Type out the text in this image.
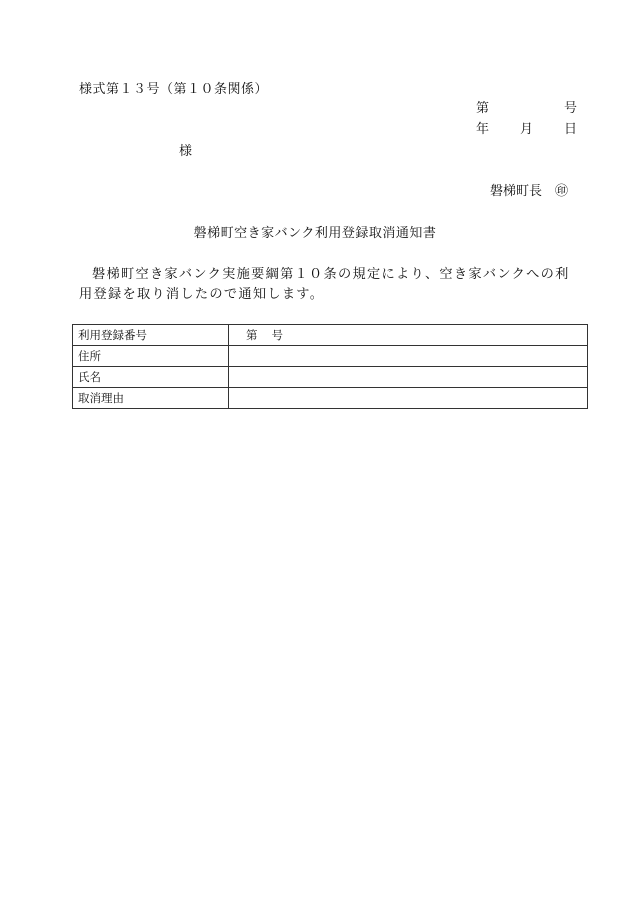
様式第１３号（第１０条関係）
第	号
年 月 日
様
磐梯町長 ㊞
磐梯町空き家バンク利用登録取消通知書
磐梯町空き家バンク実施要綱第１０条の規定により、空き家バンクへの利用登録を取り消したので通知します。
利用登録番号	第 号
住所	
氏名	
取消理由	
